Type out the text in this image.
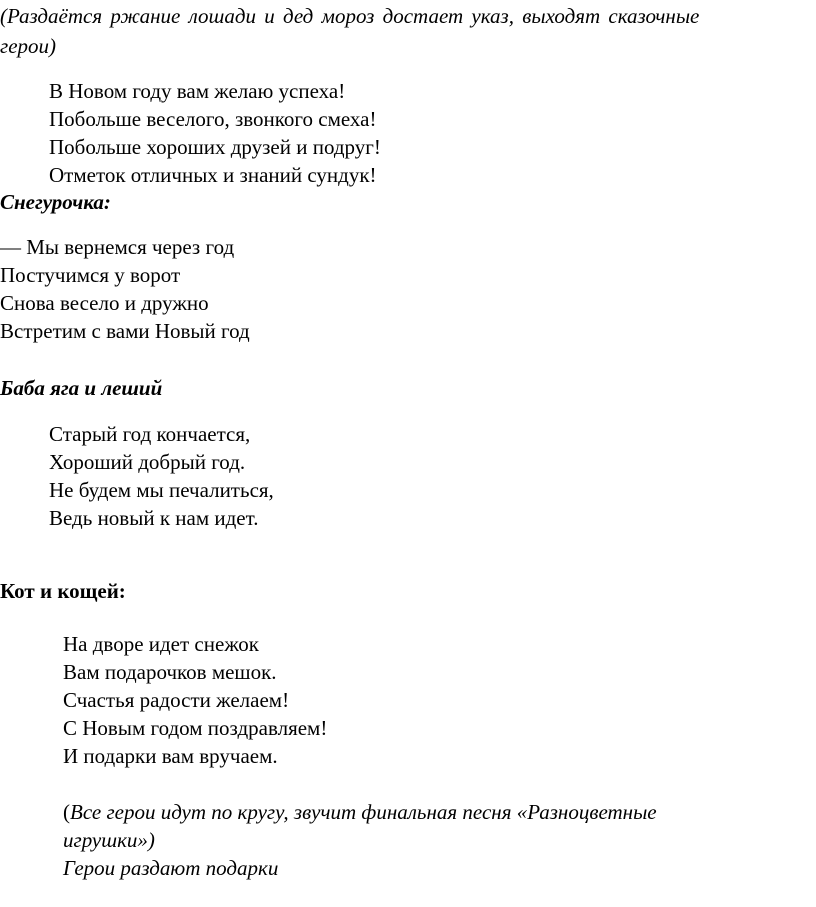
(Раздаётся ржание лошади и дед мороз достает указ, выходят сказочные
герои)
В Новом году вам желаю успеха!
Побольше веселого, звонкого смеха!
Побольше хороших друзей и подруг!
Отметок отличных и знаний сундук!
Снегурочка:
— Мы вернемся через год
Постучимся у ворот
Снова весело и дружно
Встретим с вами Новый год
Баба яга и леший
Старый год кончается,
Хороший добрый год.
Не будем мы печалиться,
Ведь новый к нам идет.
Кот и кощей:
На дворе идет снежок
Вам подарочков мешок.
Счастья радости желаем!
С Новым годом поздравляем!
И подарки вам вручаем.
(Все герои идут по кругу, звучит финальная песня «Разноцветные
игрушки»)
Герои раздают подарки
